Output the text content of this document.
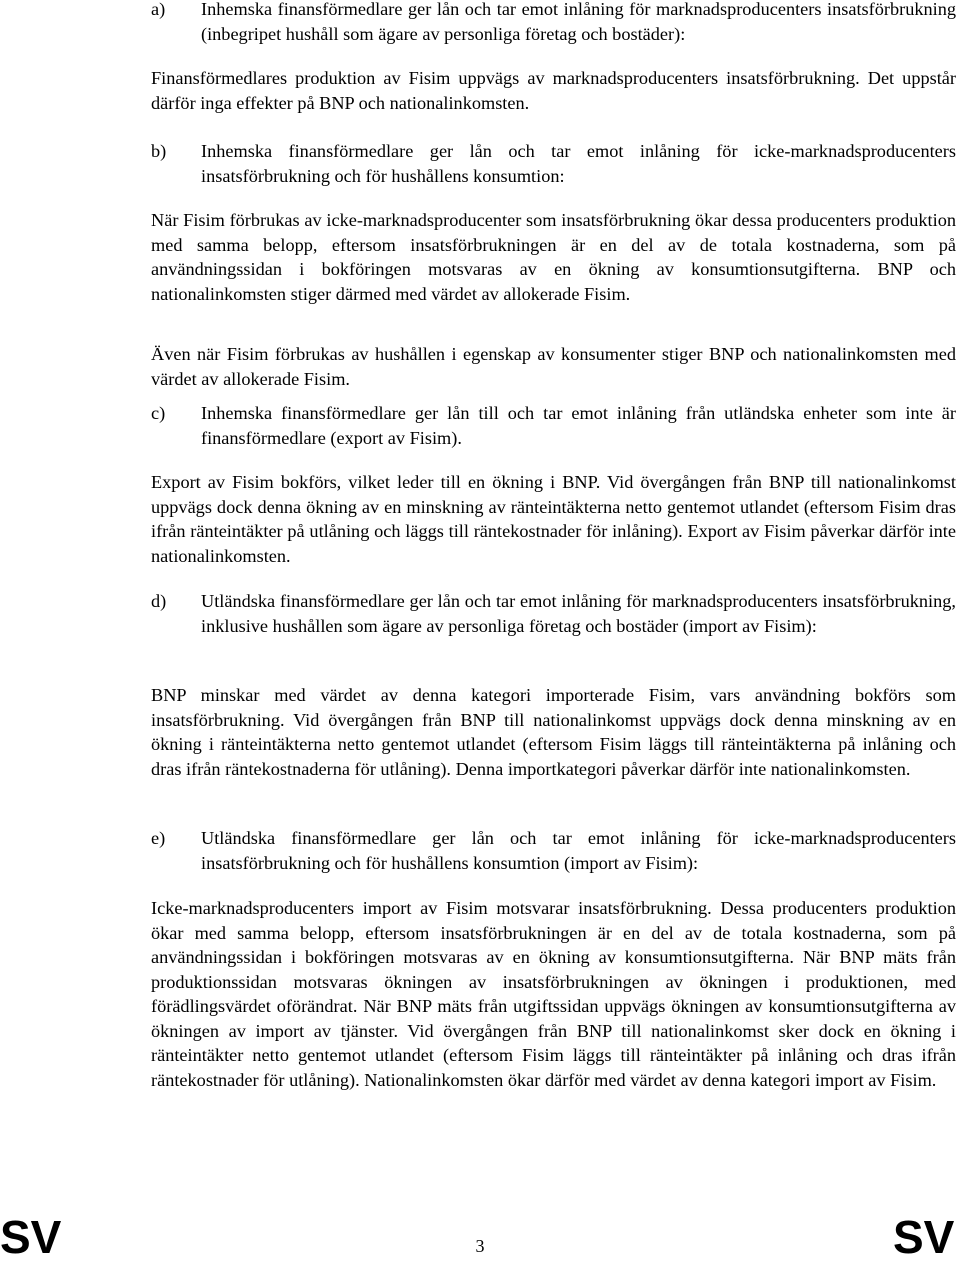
a)	Inhemska finansförmedlare ger lån och tar emot inlåning för marknadsproducenters insatsförbrukning (inbegripet hushåll som ägare av personliga företag och bostäder):

Finansförmedlares produktion av Fisim uppvägs av marknadsproducenters insatsförbrukning. Det uppstår därför inga effekter på BNP och nationalinkomsten.

b)	Inhemska finansförmedlare ger lån och tar emot inlåning för icke-marknadsproducenters insatsförbrukning och för hushållens konsumtion:

När Fisim förbrukas av icke-marknadsproducenter som insatsförbrukning ökar dessa producenters produktion med samma belopp, eftersom insatsförbrukningen är en del av de totala kostnaderna, som på användningssidan i bokföringen motsvaras av en ökning av konsumtionsutgifterna. BNP och nationalinkomsten stiger därmed med värdet av allokerade Fisim.

Även när Fisim förbrukas av hushållen i egenskap av konsumenter stiger BNP och nationalinkomsten med värdet av allokerade Fisim.

c)	Inhemska finansförmedlare ger lån till och tar emot inlåning från utländska enheter som inte är finansförmedlare (export av Fisim).

Export av Fisim bokförs, vilket leder till en ökning i BNP. Vid övergången från BNP till nationalinkomst uppvägs dock denna ökning av en minskning av ränteintäkterna netto gentemot utlandet (eftersom Fisim dras ifrån ränteintäkter på utlåning och läggs till räntekostnader för inlåning). Export av Fisim påverkar därför inte nationalinkomsten.

d)	Utländska finansförmedlare ger lån och tar emot inlåning för marknadsproducenters insatsförbrukning, inklusive hushållen som ägare av personliga företag och bostäder (import av Fisim):

BNP minskar med värdet av denna kategori importerade Fisim, vars användning bokförs som insatsförbrukning. Vid övergången från BNP till nationalinkomst uppvägs dock denna minskning av en ökning i ränteintäkterna netto gentemot utlandet (eftersom Fisim läggs till ränteintäkterna på inlåning och dras ifrån räntekostnaderna för utlåning). Denna importkategori påverkar därför inte nationalinkomsten.

e)	Utländska finansförmedlare ger lån och tar emot inlåning för icke-marknadsproducenters insatsförbrukning och för hushållens konsumtion (import av Fisim):

Icke-marknadsproducenters import av Fisim motsvarar insatsförbrukning. Dessa producenters produktion ökar med samma belopp, eftersom insatsförbrukningen är en del av de totala kostnaderna, som på användningssidan i bokföringen motsvaras av en ökning av konsumtionsutgifterna. När BNP mäts från produktionssidan motsvaras ökningen av insatsförbrukningen av ökningen i produktionen, med förädlingsvärdet oförändrat. När BNP mäts från utgiftssidan uppvägs ökningen av konsumtionsutgifterna av ökningen av import av tjänster. Vid övergången från BNP till nationalinkomst sker dock en ökning i ränteintäkter netto gentemot utlandet (eftersom Fisim läggs till ränteintäkter på inlåning och dras ifrån räntekostnader för utlåning). Nationalinkomsten ökar därför med värdet av denna kategori import av Fisim.

SV	3	SV
